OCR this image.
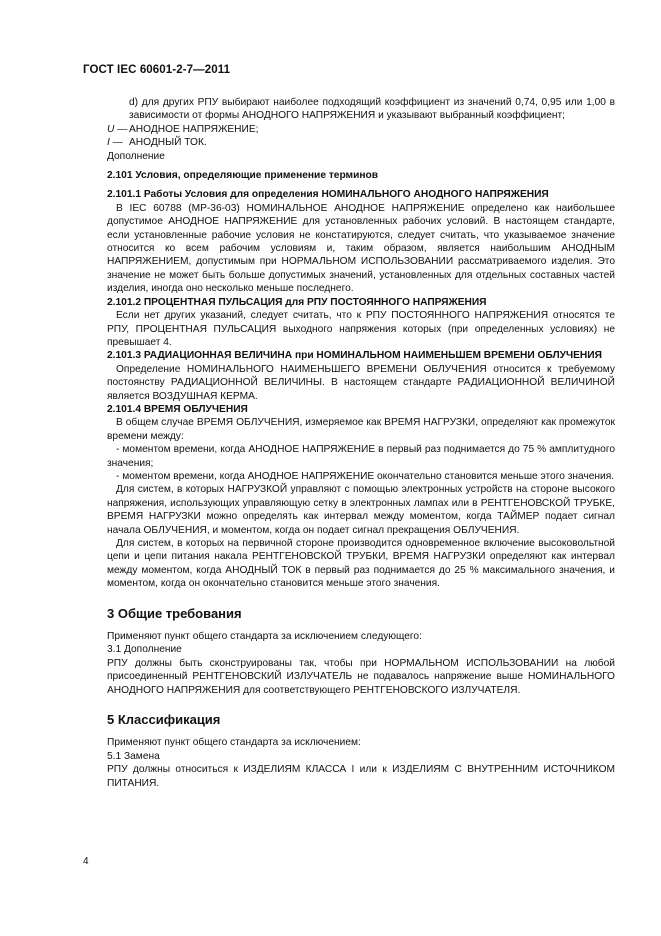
ГОСТ IEC 60601-2-7—2011

d) для других РПУ выбирают наиболее подходящий коэффициент из значений 0,74, 0,95 или 1,00 в зависимости от формы АНОДНОГО НАПРЯЖЕНИЯ и указывают выбранный коэффициент;

U — АНОДНОЕ НАПРЯЖЕНИЕ;

I — АНОДНЫЙ ТОК.

Дополнение

2.101 Условия, определяющие применение терминов

2.101.1 Работы Условия для определения НОМИНАЛЬНОГО АНОДНОГО НАПРЯЖЕНИЯ

В IEC 60788 (МР-36-03) НОМИНАЛЬНОЕ АНОДНОЕ НАПРЯЖЕНИЕ определено как наибольшее допустимое АНОДНОЕ НАПРЯЖЕНИЕ для установленных рабочих условий. В настоящем стандарте, если установленные рабочие условия не констатируются, следует считать, что указываемое значение относится ко всем рабочим условиям и, таким образом, является наибольшим АНОДНЫМ НАПРЯЖЕНИЕМ, допустимым при НОРМАЛЬНОМ ИСПОЛЬЗОВАНИИ рассматриваемого изделия. Это значение не может быть больше допустимых значений, установленных для отдельных составных частей изделия, иногда оно несколько меньше последнего.

2.101.2 ПРОЦЕНТНАЯ ПУЛЬСАЦИЯ для РПУ ПОСТОЯННОГО НАПРЯЖЕНИЯ

Если нет других указаний, следует считать, что к РПУ ПОСТОЯННОГО НАПРЯЖЕНИЯ относятся те РПУ, ПРОЦЕНТНАЯ ПУЛЬСАЦИЯ выходного напряжения которых (при определенных условиях) не превышает 4.

2.101.3 РАДИАЦИОННАЯ ВЕЛИЧИНА при НОМИНАЛЬНОМ НАИМЕНЬШЕМ ВРЕМЕНИ ОБЛУЧЕНИЯ

Определение НОМИНАЛЬНОГО НАИМЕНЬШЕГО ВРЕМЕНИ ОБЛУЧЕНИЯ относится к требуемому постоянству РАДИАЦИОННОЙ ВЕЛИЧИНЫ. В настоящем стандарте РАДИАЦИОННОЙ ВЕЛИЧИНОЙ является ВОЗДУШНАЯ КЕРМА.

2.101.4 ВРЕМЯ ОБЛУЧЕНИЯ

В общем случае ВРЕМЯ ОБЛУЧЕНИЯ, измеряемое как ВРЕМЯ НАГРУЗКИ, определяют как промежуток времени между:

- моментом времени, когда АНОДНОЕ НАПРЯЖЕНИЕ в первый раз поднимается до 75 % амплитудного значения;

- моментом времени, когда АНОДНОЕ НАПРЯЖЕНИЕ окончательно становится меньше этого значения.

Для систем, в которых НАГРУЗКОЙ управляют с помощью электронных устройств на стороне высокого напряжения, использующих управляющую сетку в электронных лампах или в РЕНТГЕНОВСКОЙ ТРУБКЕ, ВРЕМЯ НАГРУЗКИ можно определять как интервал между моментом, когда ТАЙМЕР подает сигнал начала ОБЛУЧЕНИЯ, и моментом, когда он подает сигнал прекращения ОБЛУЧЕНИЯ.

Для систем, в которых на первичной стороне производится одновременное включение высоковольтной цепи и цепи питания накала РЕНТГЕНОВСКОЙ ТРУБКИ, ВРЕМЯ НАГРУЗКИ определяют как интервал между моментом, когда АНОДНЫЙ ТОК в первый раз поднимается до 25 % максимального значения, и моментом, когда он окончательно становится меньше этого значения.

3 Общие требования

Применяют пункт общего стандарта за исключением следующего:

3.1 Дополнение

РПУ должны быть сконструированы так, чтобы при НОРМАЛЬНОМ ИСПОЛЬЗОВАНИИ на любой присоединенный РЕНТГЕНОВСКИЙ ИЗЛУЧАТЕЛЬ не подавалось напряжение выше НОМИНАЛЬНОГО АНОДНОГО НАПРЯЖЕНИЯ для соответствующего РЕНТГЕНОВСКОГО ИЗЛУЧАТЕЛЯ.

5 Классификация

Применяют пункт общего стандарта за исключением:

5.1 Замена

РПУ должны относиться к ИЗДЕЛИЯМ КЛАССА I или к ИЗДЕЛИЯМ С ВНУТРЕННИМ ИСТОЧНИКОМ ПИТАНИЯ.

4
